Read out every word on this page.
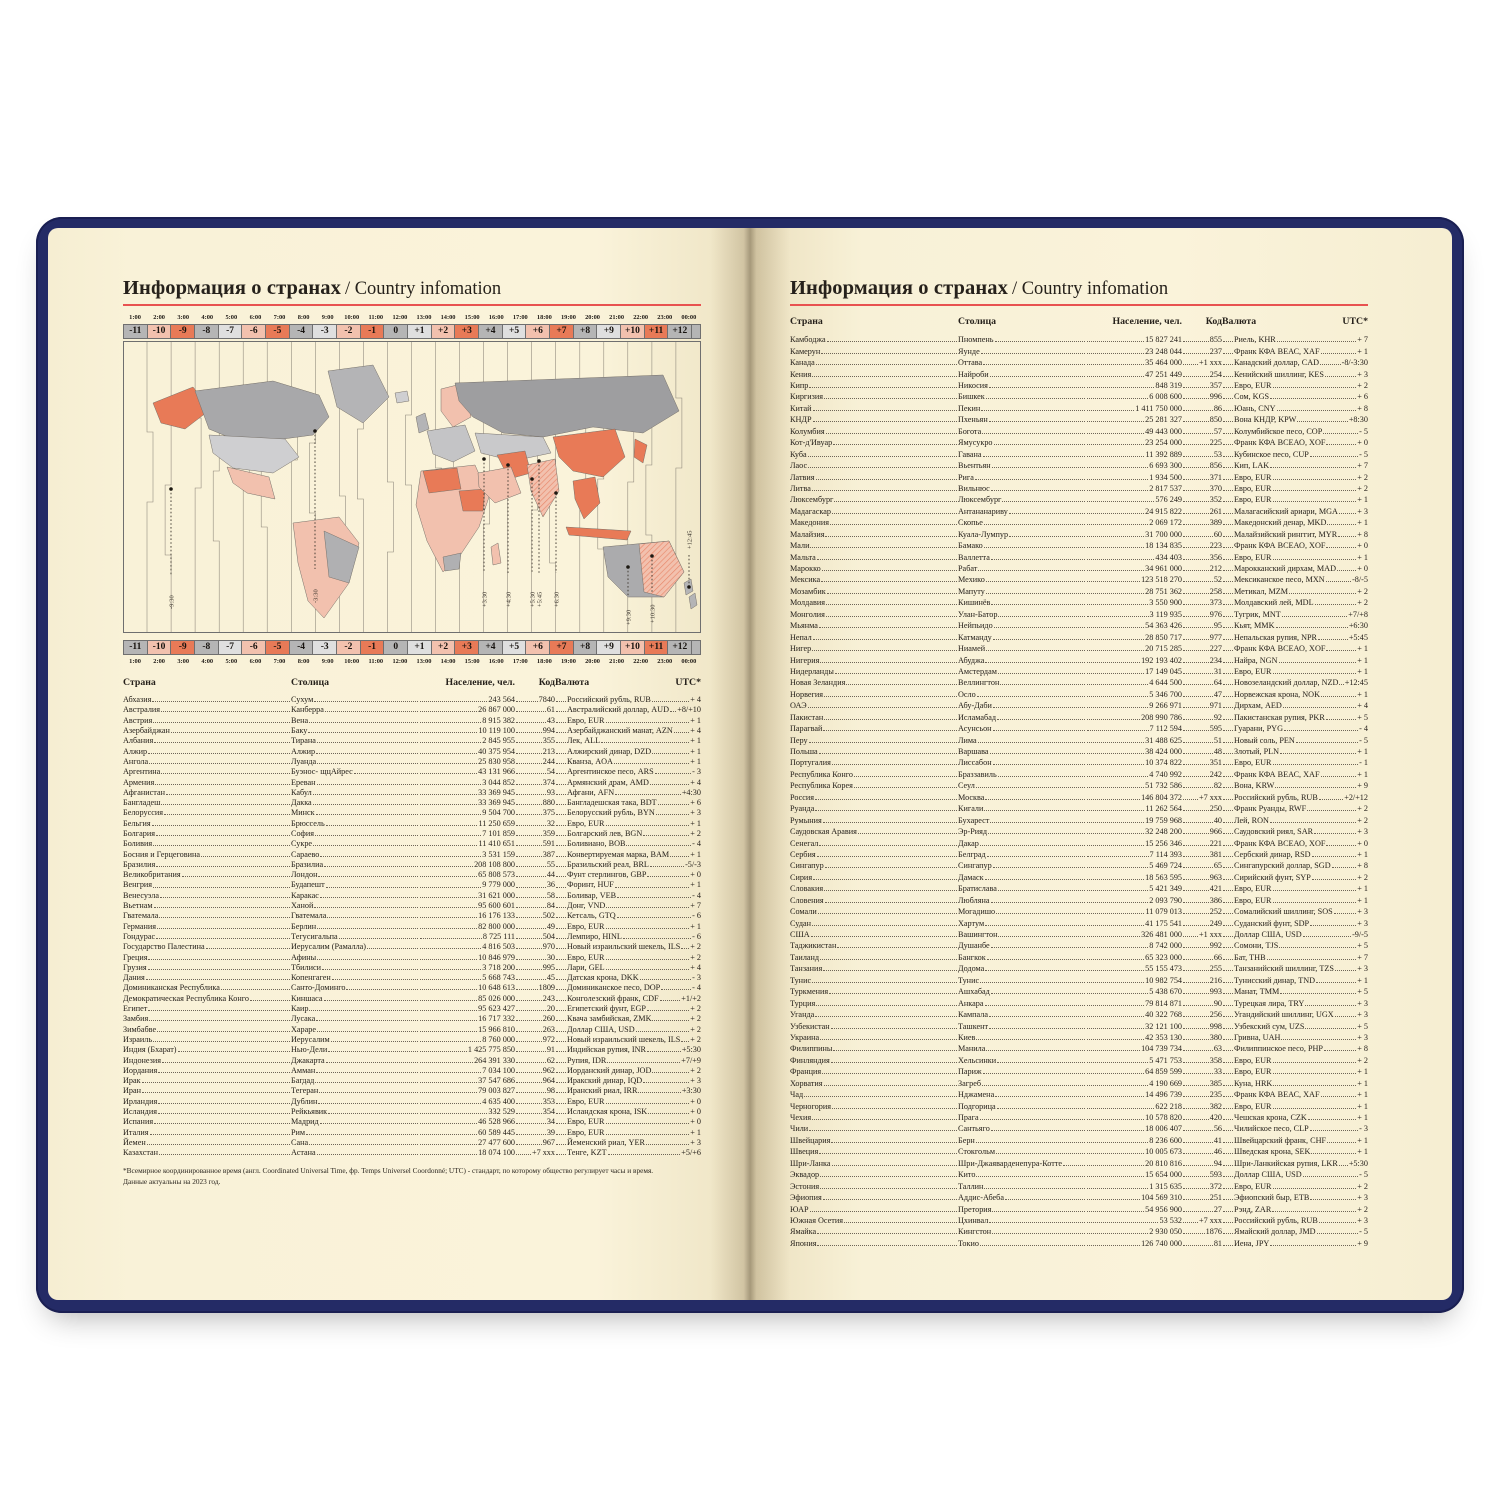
Информация о странах / Country infomation
1:00	2:00	3:00	4:00	5:00	6:00	7:00	8:00	9:00	10:00	11:00	12:00	13:00	14:00	15:00	16:00	17:00	18:00	19:00	20:00	21:00	22:00	23:00	00:00
-11	-10	-9	-8	-7	-6	-5	-4	-3	-2	-1	0	+1	+2	+3	+4	+5	+6	+7	+8	+9	+10 +11 +12
-9:30	-3:30	+3:30	+4:30	+5:30 +5:45 +6:30
+9:30	+10:30
+12:45
-11	-10	-9	-8	-7	-6	-5	-4	-3	-2	-1	0	+1	+2	+3	+4	+5	+6	+7	+8	+9	+10 +11 +12
1:00	2:00	3:00	4:00	5:00	6:00	7:00	8:00	9:00	10:00	11:00	12:00	13:00	14:00	15:00	16:00	17:00	18:00	19:00	20:00	21:00	22:00	23:00	00:00
Страна	Столица	Население, чел. Код Валюта	UTC*
Абхазия	Сухум	243 564	7840 Российский рубль, RUB	+ 4
Австралия	Канберра	26 867 000	61 Австралийский доллар, AUD +8/+10
Австрия	Вена	8 915 382	43 Евро, EUR	+ 1
Азербайджан	Баку	10 119 100	994 Азербайджанский манат, AZN + 4
Албания	Тирана	2 845 955	355 Лек, ALL	+ 1
Алжир	Алжир	40 375 954	213 Алжирский динар, DZD	+ 1
Ангола	Луанда	25 830 958	244 Кванза, AOA	+ 1
Аргентина	Буэнос- щцАйрес	43 131 966	54 Аргентинское песо, ARS	- 3
Армения	Ереван	3 044 852	374 Армянский драм, AMD	+ 4
Афганистан	Кабул	33 369 945	93 Афгани, AFN	+4:30
Бангладеш	Дакка	33 369 945	880 Бангладешская така, BDT	+ 6
Белоруссия	Минск	9 504 700	375 Белорусский рубль, BYN	+ 3
Бельгия	Брюссель	11 250 659	32 Евро, EUR	+ 1
Болгария	София	7 101 859	359 Болгарский лев, BGN	+ 2
Боливия	Сукре	11 410 651	591 Боливиано, BOB	- 4
Босния и Герцеговина	Сараево	3 531 159	387 Конвертируемая марка, BAM	+ 1
Бразилия	Бразилиа	208 108 800	55 Бразильский реал, BRL	-5/-3
Великобритания	Лондон	65 808 573	44 Фунт стерлингов, GBP	+ 0
Венгрия	Будапешт	9 779 000	36 Форинт, HUF	+ 1
Венесуэла	Каракас	31 621 000	58 Боливар, VEB	- 4
Вьетнам	Ханой	95 600 601	84 Донг, VND	+ 7
Гватемала	Гватемала	16 176 133	502 Кетсаль, GTQ	- 6
Германия	Берлин	82 800 000	49 Евро, EUR	+ 1
Гондурас	Тегусигальпа	8 725 111	504 Лемпиро, HINL	- 6
Государство Палестина	Иерусалим (Рамалла)	4 816 503	970 Новый израильский шекель, ILS + 2
Греция	Афины	10 846 979	30 Евро, EUR	+ 2
Грузия	Тбилиси	3 718 200	995 Лари, GEL	+ 4
Дания	Копенгаген	5 668 743	45 Датская крона, DKK	- 3
Доминиканская Республика	Санто-Доминго	10 648 613	1809 Доминиканское песо, DOP	- 4
Демократическая Республика Конго	Киншаса	85 026 000	243 Конголезский франк, CDF	+1/+2
Египет	Каир	95 623 427	20 Египетский фунт, EGP	+ 2
Замбия	Лусака	16 717 332	260 Квача замбийская, ZMK	+ 2
Зимбабве	Хараре	15 966 810	263 Доллар США, USD	+ 2
Израиль	Иерусалим	8 760 000	972 Новый израильский шекель, ILS + 2
Индия (Бхарат)	Нью-Дели	1 425 775 850	91 Индийская рупия, INR	+5:30
Индонезия	Джакарта	264 391 330	62 Рупия, IDR	+7/+9
Иордания	Амман	7 034 100	962 Иорданский динар, JOD	+ 2
Ирак	Багдад	37 547 686	964 Иракский динар, IQD	+ 3
Иран	Тегеран	79 003 827	98 Иранский риал, IRR	+3:30
Ирландия	Дублин	4 635 400	353 Евро, EUR	+ 0
Исландия	Рейкьявик	332 529	354 Исландская крона, ISK	+ 0
Испания	Мадрид	46 528 966	34 Евро, EUR	+ 0
Италия	Рим	60 589 445	39 Евро, EUR	+ 1
Йемен	Сана	27 477 600	967 Йеменский риал, YER	+ 3
Казахстан	Астана	18 074 100 +7 xxx Тенге, KZT	+5/+6
*Всемирное координированное время (англ. Coordinated Universal Time, фр. Temps Universel Coordonné; UTC) - стандарт, по которому общество регулирует часы и время.
Данные актуальны на 2023 год.
Информация о странах / Country infomation
Страна	Столица	Население, чел. Код Валюта	UTC*
Камбоджа	Пномпень	15 827 241	855 Риель, KHR	+ 7
Камерун	Яунде	23 248 044	237 Франк КФА ВЕАС, XAF	+ 1
Канада	Оттава	35 464 000 +1 xxx Канадский доллар, CAD	-8/-3:30
Кения	Найроби	47 251 449	254 Кенийский шиллинг, KES	+ 3
Кипр	Никосия	848 319	357 Евро, EUR	+ 2
Киргизия	Бишкек	6 008 600	996 Сом, KGS	+ 6
Китай	Пекин	1 411 750 000	86 Юань, CNY	+ 8
КНДР	Пхеньян	25 281 327	850 Вона КНДР, KPW	+8:30
Колумбия	Богота	49 443 000	57 Колумбийское песо, COP	- 5
Кот-д'Ивуар	Ямусукро	23 254 000	225 Франк КФА ВСЕАО, XOF	+ 0
Куба	Гавана	11 392 889	53 Кубинское песо, CUP	- 5
Лаос	Вьентьян	6 693 300	856 Кип, LAK	+ 7
Латвия	Рига	1 934 500	371 Евро, EUR	+ 2
Литва	Вильнюс	2 817 537	370 Евро, EUR	+ 2
Люксембург	Люксембург	576 249	352 Евро, EUR	+ 1
Мадагаскар	Антананариву	24 915 822	261 Малагасийский ариари, MGA + 3
Македония	Скопье	2 069 172	389 Македонский денар, MKD	+ 1
Малайзия	Куала-Лумпур	31 700 000	60 Малайзийский ринггит, MYR + 8
Мали	Бамако	18 134 835	223 Франк КФА ВСЕАО, XOF	+ 0
Мальта	Валлетта	434 403	356 Евро, EUR	+ 1
Марокко	Рабат	34 961 000	212 Марокканский дирхам, MAD	+ 0
Мексика	Мехико	123 518 270	52 Мексиканское песо, MXN	-8/-5
Мозамбик	Мапуту	28 751 362	258 Метикал, MZM	+ 2
Молдавия	Кишинёв	3 550 900	373 Молдавский лей, MDL	+ 2
Монголия	Улан-Батор	3 119 935	976 Тугрик, MNT	+7/+8
Мьянма	Нейпьидо	54 363 426	95 Кьят, MMK	+6:30
Непал	Катманду	28 850 717	977 Непальская рупия, NPR	+5:45
Нигер	Ниамей	20 715 285	227 Франк КФА ВСЕАО, XOF	+ 1
Нигерия	Абуджа	192 193 402	234 Найра, NGN	+ 1
Нидерланды	Амстердам	17 149 045	31 Евро, EUR	+ 1
Новая Зеландия	Веллингтон	4 644 500	64 Новозеландский доллар, NZD +12:45
Норвегия	Осло	5 346 700	47 Норвежская крона, NOK	+ 1
ОАЭ	Абу-Даби	9 266 971	971 Дирхам, AED	+ 4
Пакистан	Исламабад	208 990 786	92 Пакистанская рупия, PKR	+ 5
Парагвай	Асунсьон	7 112 594	595 Гуарани, PYG	- 4
Перу	Лима	31 488 625	51 Новый соль, PEN	- 5
Польша	Варшава	38 424 000	48 Злотый, PLN	+ 1
Португалия	Лиссабон	10 374 822	351 Евро, EUR	- 1
Республика Конго	Браззавиль	4 740 992	242 Франк КФА ВЕАС, XAF	+ 1
Республика Корея	Сеул	51 732 586	82 Вона, KRW	+ 9
Россия	Москва	146 804 372 +7 xxx Российский рубль, RUB	+2/+12
Руанда	Кигали	11 262 564	250 Франк Руанды, RWF	+ 2
Румыния	Бухарест	19 759 968	40 Лей, RON	+ 2
Саудовская Аравия	Эр-Рияд	32 248 200	966 Саудовский риял, SAR	+ 3
Сенегал	Дакар	15 256 346	221 Франк КФА ВСЕАО, XOF	+ 0
Сербия	Белград	7 114 393	381 Сербский динар, RSD	+ 1
Сингапур	Сингапур	5 469 724	65 Сингапурский доллар, SGD	+ 8
Сирия	Дамаск	18 563 595	963 Сирийский фунт, SYP	+ 2
Словакия	Братислава	5 421 349	421 Евро, EUR	+ 1
Словения	Любляна	2 093 790	386 Евро, EUR	+ 1
Сомали	Могадишо	11 079 013	252 Сомалийский шиллинг, SOS	+ 3
Судан	Хартум	41 175 541	249 Суданский фунт, SDP	+ 3
США	Вашингтон	326 481 000 +1 xxx Доллар США, USD	-9/-5
Таджикистан	Душанбе	8 742 000	992 Сомони, TJS	+ 5
Таиланд	Бангкок	65 323 000	66 Бат, THB	+ 7
Танзания	Додома	55 155 473	255 Танзанийский шиллинг, TZS	+ 3
Тунис	Тунис	10 982 754	216 Тунисский динар, TND	+ 1
Туркмения	Ашхабад	5 438 670	993 Манат, TMM	+ 5
Турция	Анкара	79 814 871	90 Турецкая лира, TRY	+ 3
Уганда	Кампала	40 322 768	256 Угандийский шиллинг, UGX	+ 3
Узбекистан	Ташкент	32 121 100	998 Узбекский сум, UZS	+ 5
Украина	Киев	42 353 130	380 Гривна, UAH	+ 3
Филиппины	Манила	104 739 734	63 Филиппинское песо, PHP	+ 8
Финляндия	Хельсинки	5 471 753	358 Евро, EUR	+ 2
Франция	Париж	64 859 599	33 Евро, EUR	+ 1
Хорватия	Загреб	4 190 669	385 Куна, HRK	+ 1
Чад	Нджамена	14 496 739	235 Франк КФА ВЕАС, XAF	+ 1
Черногория	Подгорица	622 218	382 Евро, EUR	+ 1
Чехия	Прага	10 578 820	420 Чешская крона, CZK	+ 1
Чили	Сантьяго	18 006 407	56 Чилийское песо, CLP	- 3
Швейцария	Берн	8 236 600	41 Швейцарский франк, CHF	+ 1
Швеция	Стокгольм	10 005 673	46 Шведская крона, SEK	+ 1
Шри-Ланка	Шри-Джаяварденепура-Котте	20 810 816	94 Шри-Ланкийская рупия, LKR +5:30
Эквадор	Кито	15 654 000	593 Доллар США, USD	- 5
Эстония	Таллин	1 315 635	372 Евро, EUR	+ 2
Эфиопия	Аддис-Абеба	104 569 310	251 Эфиопский быр, ETB	+ 3
ЮАР	Претория	54 956 900	27 Рэнд, ZAR	+ 2
Южная Осетия	Цхинвал	53 532 +7 xxx Российский рубль, RUB	+ 3
Ямайка	Кингстон	2 930 050	1876 Ямайский доллар, JMD	- 5
Япония	Токио	126 740 000	81 Иена, JPY	+ 9
